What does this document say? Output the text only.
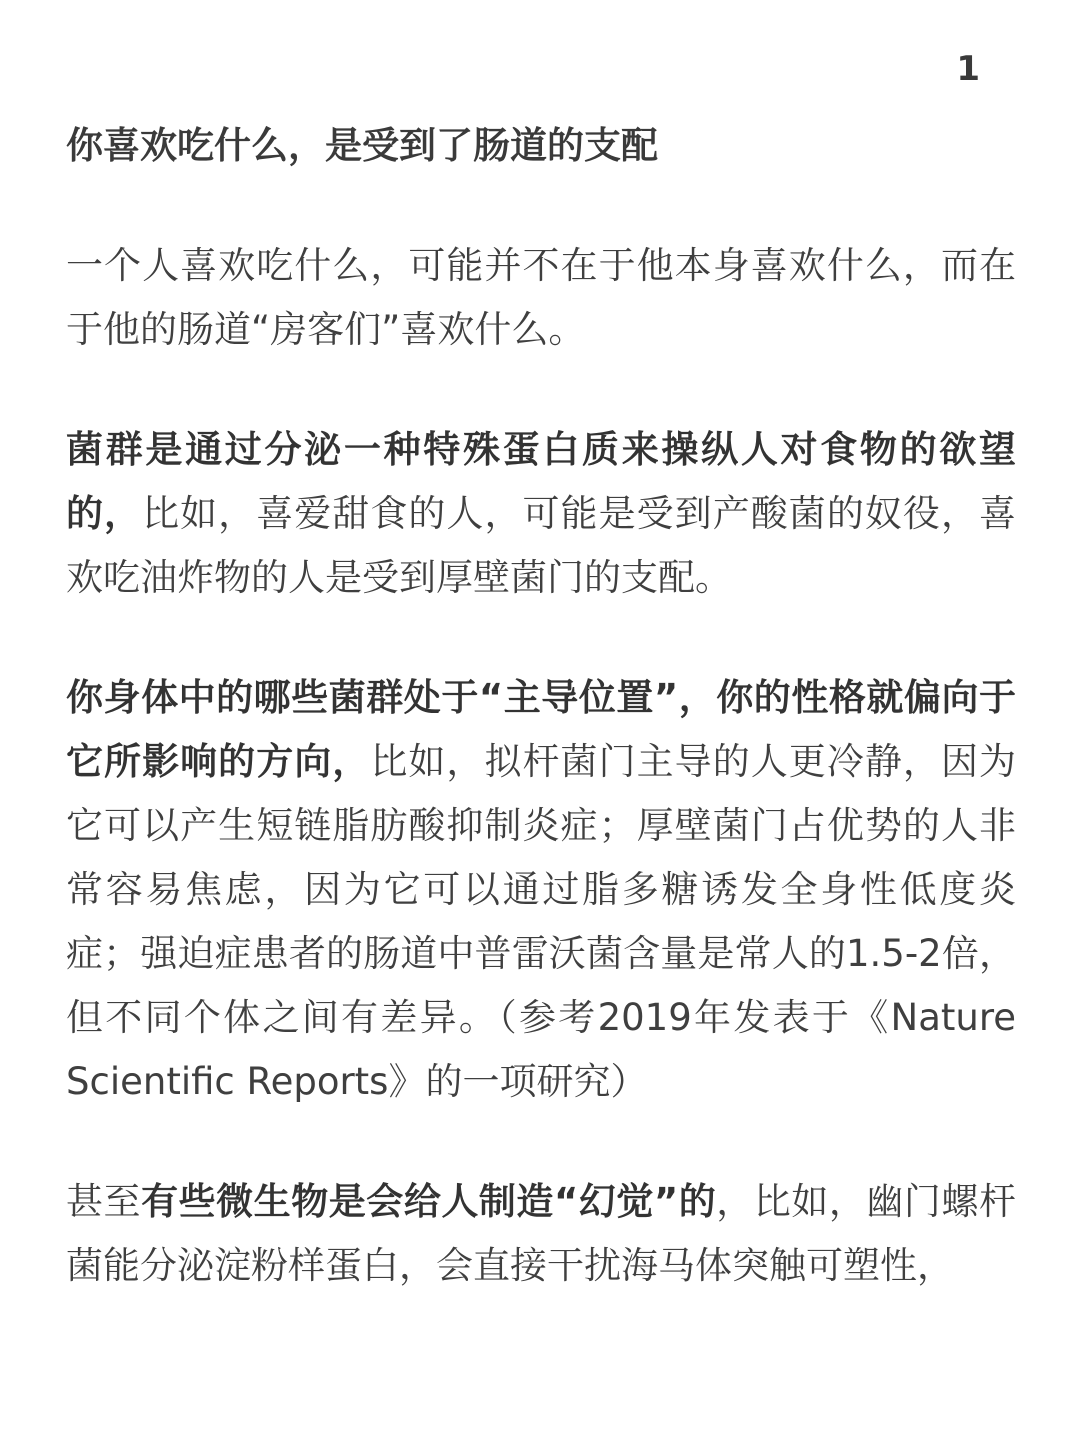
1
你喜欢吃什么，是受到了肠道的支配

一个人喜欢吃什么，可能并不在于他本身喜欢什么，而在于他的肠道“房客们”喜欢什么。

菌群是通过分泌一种特殊蛋白质来操纵人对食物的欲望的，比如，喜爱甜食的人，可能是受到产酸菌的奴役，喜欢吃油炸物的人是受到厚壁菌门的支配。

你身体中的哪些菌群处于“主导位置”，你的性格就偏向于它所影响的方向，比如，拟杆菌门主导的人更冷静，因为它可以产生短链脂肪酸抑制炎症；厚壁菌门占优势的人非常容易焦虑，因为它可以通过脂多糖诱发全身性低度炎症；强迫症患者的肠道中普雷沃菌含量是常人的1.5-2倍，但不同个体之间有差异。（参考2019年发表于《Nature Scientific Reports》的一项研究）

甚至有些微生物是会给人制造“幻觉”的，比如，幽门螺杆菌能分泌淀粉样蛋白，会直接干扰海马体突触可塑性，
